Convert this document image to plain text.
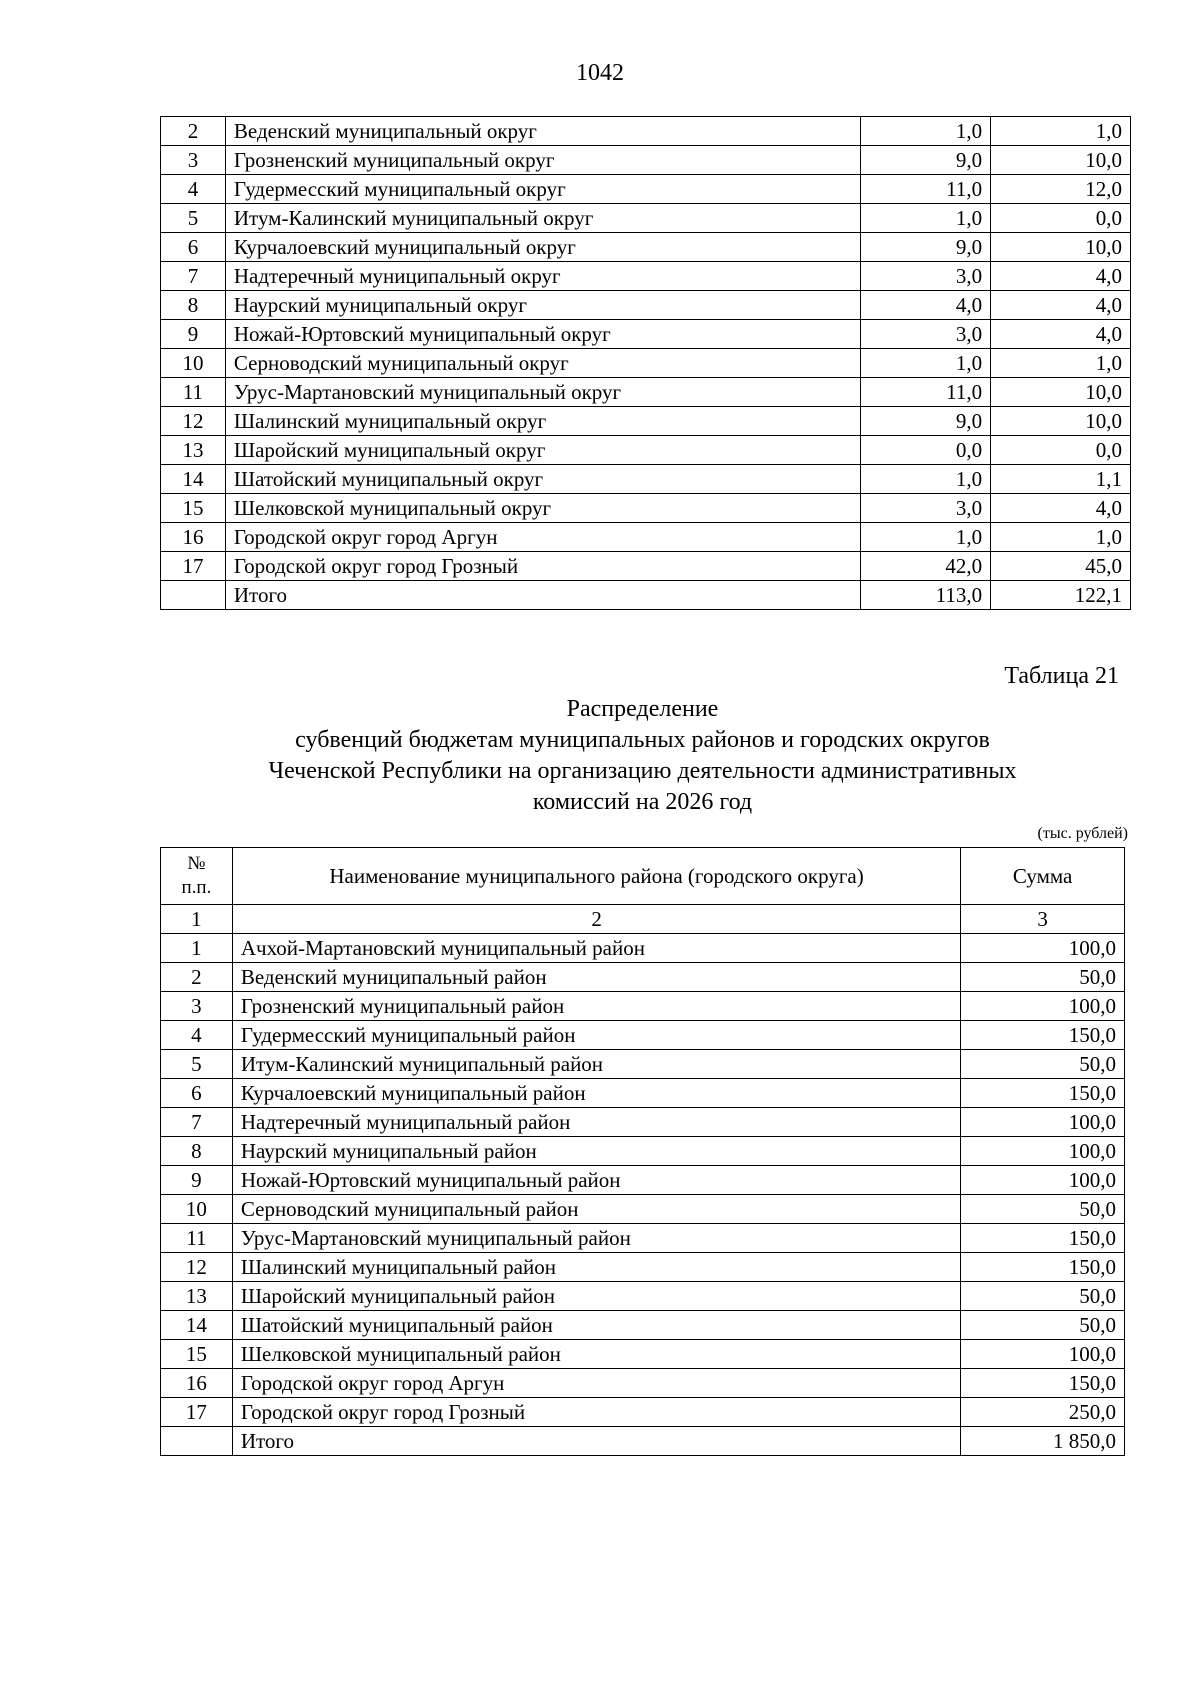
1042
2	Веденский муниципальный округ	1,0	1,0
3	Грозненский муниципальный округ	9,0	10,0
4	Гудермесский муниципальный округ	11,0	12,0
5	Итум-Калинский муниципальный округ	1,0	0,0
6	Курчалоевский муниципальный округ	9,0	10,0
7	Надтеречный муниципальный округ	3,0	4,0
8	Наурский муниципальный округ	4,0	4,0
9	Ножай-Юртовский муниципальный округ	3,0	4,0
10	Серноводский муниципальный округ	1,0	1,0
11	Урус-Мартановский муниципальный округ	11,0	10,0
12	Шалинский муниципальный округ	9,0	10,0
13	Шаройский муниципальный округ	0,0	0,0
14	Шатойский муниципальный округ	1,0	1,1
15	Шелковской муниципальный округ	3,0	4,0
16	Городской округ город Аргун	1,0	1,0
17	Городской округ город Грозный	42,0	45,0
	Итого	113,0	122,1
Таблица 21
Распределение
субвенций бюджетам муниципальных районов и городских округов
Чеченской Республики на организацию деятельности административных
комиссий на 2026 год
(тыс. рублей)
№
п.п.	Наименование муниципального района (городского округа)	Сумма
1	2	3
1	Ачхой-Мартановский муниципальный район	100,0
2	Веденский муниципальный район	50,0
3	Грозненский муниципальный район	100,0
4	Гудермесский муниципальный район	150,0
5	Итум-Калинский муниципальный район	50,0
6	Курчалоевский муниципальный район	150,0
7	Надтеречный муниципальный район	100,0
8	Наурский муниципальный район	100,0
9	Ножай-Юртовский муниципальный район	100,0
10	Серноводский муниципальный район	50,0
11	Урус-Мартановский муниципальный район	150,0
12	Шалинский муниципальный район	150,0
13	Шаройский муниципальный район	50,0
14	Шатойский муниципальный район	50,0
15	Шелковской муниципальный район	100,0
16	Городской округ город Аргун	150,0
17	Городской округ город Грозный	250,0
	Итого	1 850,0
